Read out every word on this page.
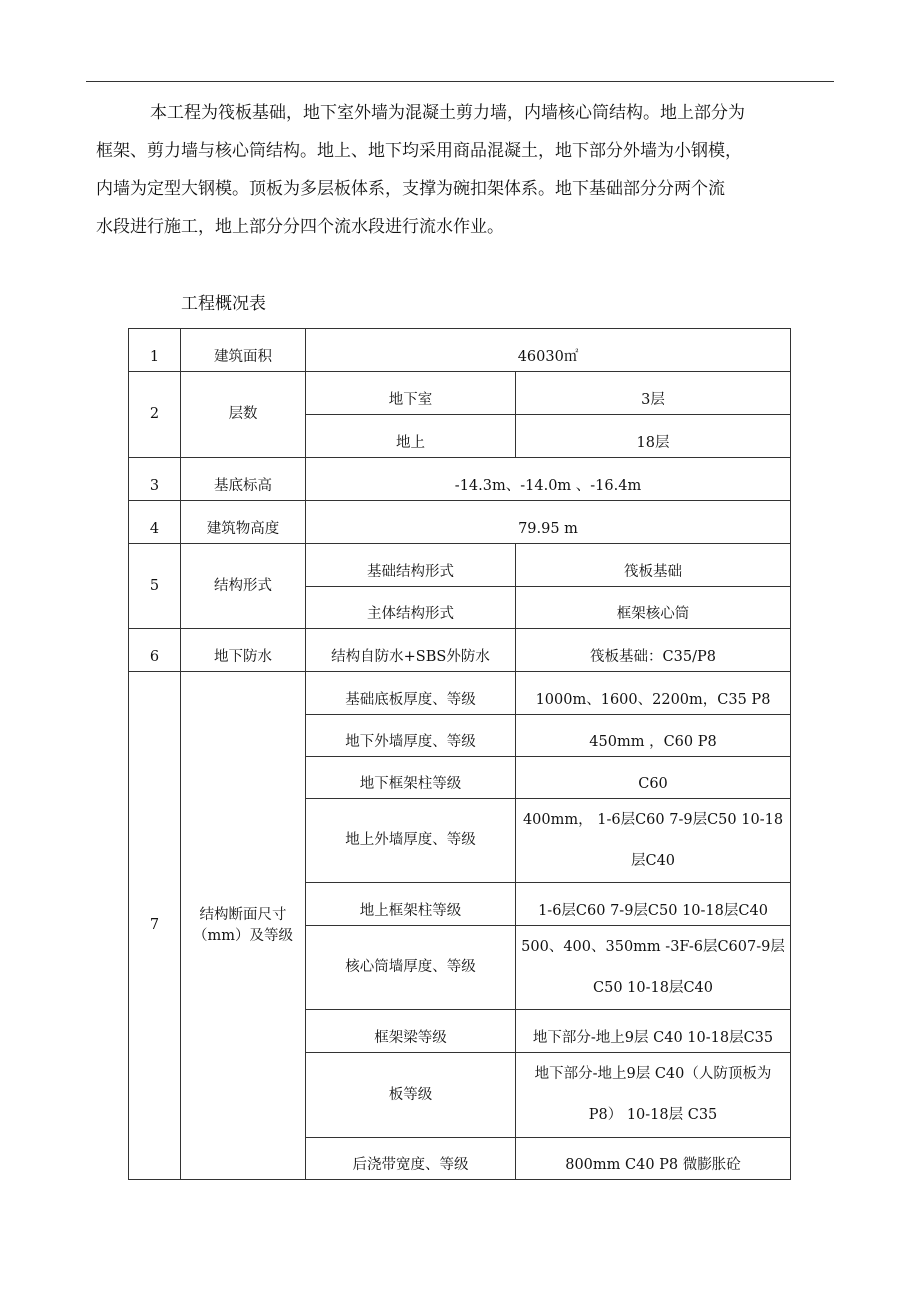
本工程为筏板基础，地下室外墙为混凝土剪力墙，内墙核心筒结构。地上部分为
框架、剪力墙与核心筒结构。地上、地下均采用商品混凝土，地下部分外墙为小钢模，
内墙为定型大钢模。顶板为多层板体系，支撑为碗扣架体系。地下基础部分分两个流
水段进行施工，地上部分分四个流水段进行流水作业。
工程概况表
1	建筑面积	46030㎡	
2	层数	地下室	3层
		地上	18层
3	基底标高	-14.3m、-14.0m 、-16.4m	
4	建筑物高度	79.95 m	
5	结构形式	基础结构形式	筏板基础
		主体结构形式	框架核心筒
6	地下防水	结构自防水+SBS外防水	筏板基础：C35/P8
7	结构断面尺寸
（mm）及等级	基础底板厚度、等级	1000m、1600、2200m，C35 P8
		地下外墙厚度、等级	450mm ，C60 P8
		地下框架柱等级	C60
		地上外墙厚度、等级	400mm， 1-6层C60 7-9层C50 10-18
层C40

		地上框架柱等级	1-6层C60 7-9层C50 10-18层C40
		核心筒墙厚度、等级	500、400、350mm -3F-6层C607-9层
C50 10-18层C40

		框架梁等级	地下部分-地上9层 C40 10-18层C35
		板等级	地下部分-地上9层 C40（人防顶板为
P8） 10-18层 C35

		后浇带宽度、等级	800mm C40 P8 微膨胀砼
